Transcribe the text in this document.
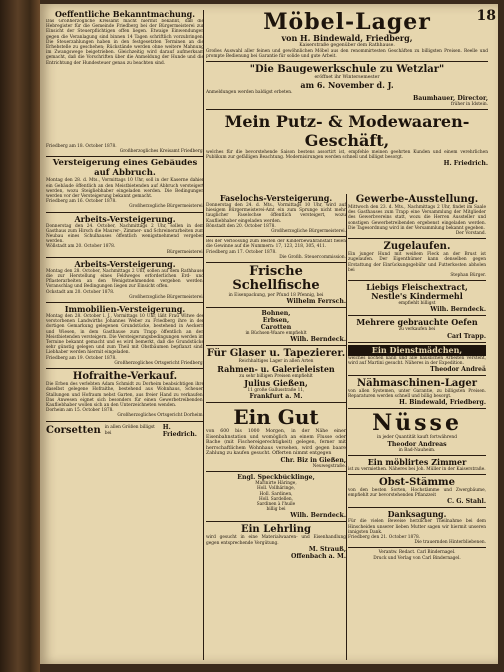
18
Oeffentliche Bekanntmachung.

Das Großherzogliche Kreisamt macht hiermit bekannt, daß die Hebregister für die Gemeinde Friedberg bei der Bürgermeisterei zur Einsicht der Steuerpflichtigen offen liegen. Etwaige Einwendungen gegen die Veranlagung sind binnen 14 Tagen schriftlich vorzubringen. Die Steuerzahlungen haben in den festgesetzten Terminen an die Erhebstelle zu geschehen; Rückstände werden ohne weitere Mahnung im Zwangswege beigetrieben. Gleichzeitig wird darauf aufmerksam gemacht, daß die Vorschriften über die Anmeldung der Hunde und die Entrichtung der Hundesteuer genau zu beachten sind.

Friedberg am 18. October 1878.

Großherzogliches Kreisamt Friedberg.

Versteigerung eines Gebäudes auf Abbruch.

Montag den 28. d. Mts., Vormittags 10 Uhr, soll in der Kaserne dahier ein Gebäude öffentlich an den Meistbietenden auf Abbruch versteigert werden, wozu Steigliebhaber eingeladen werden. Die Bedingungen werden vor der Versteigerung bekannt gemacht.

Friedberg am 16. October 1878.

Großherzogliche Bürgermeisterei.

Arbeits-Versteigerung.

Donnerstag den 24. October, Nachmittags 2 Uhr, sollen in dem Gasthaus zum Hirsch die Maurer-, Zimmer- und Schreinerarbeiten zum Neubau eines Schulhauses öffentlich wenigstnehmend vergeben werden.

Wöllstadt am 20. October 1878.

Bürgermeisterei.

Arbeits-Versteigerung.

Montag den 28. October, Nachmittags 2 Uhr, sollen auf dem Rathhause die zur Herstellung eines Feldweges erforderlichen Erd- und Pflasterarbeiten an den Wenigstnehmenden vergeben werden. Voranschlag und Bedingungen liegen zur Einsicht offen.

Ockstadt am 20. October 1878.

Großherzogliche Bürgermeisterei.

Immobilien-Versteigerung.

Montag den 28. October l. J., Vormittags 10 Uhr, läßt Frau Witwe des verstorbenen Landwirths Johannes Weber zu Friedberg ihre in der dortigen Gemarkung gelegenen Grundstücke, bestehend in Aeckern und Wiesen, in dem Gasthause zum Trapp öffentlich an den Meistbietenden versteigern. Die Versteigerungsbedingungen werden im Termine bekannt gemacht und es wird bemerkt, daß die Grundstücke sehr günstig gelegen und zum Theil mit Obstbäumen bepflanzt sind. Liebhaber werden hiermit eingeladen.

Friedberg am 19. October 1878.

Großherzogliches Ortsgericht Friedberg.

Hofraithe-Verkauf.

Die Erben des verlebten Adam Schmidt zu Dorheim beabsichtigen ihre daselbst gelegene Hofraithe, bestehend aus Wohnhaus, Scheuer, Stallungen und Hofraum nebst Garten, aus freier Hand zu verkaufen. Das Anwesen eignet sich besonders für einen Gewerbetreibenden. Kaufliebhaber wollen sich an den Unterzeichneten wenden.

Dorheim am 15. October 1878.

Großherzogliches Ortsgericht Dorheim.

Corsetten in allen Größen billigst bei
H. Friedrich.
Möbel-Lager
von H. Bindewald, Friedberg,
Kaiserstraße gegenüber dem Rathhause.

Großes Auswahl aller feinen und gewöhnlichen Möbel aus den renommirtesten Geschäften zu billigsten Preisen. Reelle und prompte Bedienung bei Garantie für solide und gute Arbeit.

"Die Baugewerkschule zu Wetzlar"
eröffnet ihr Wintersemester
am 6. November d. J.
Anmeldungen werden baldigst erbeten.
Baumhauer, Director,
früher in Idstein.
Mein Putz- & Modewaaren-Geschäft,

welches für die bevorstehende Saison bestens assortirt ist, empfehle meinen geehrten Kunden und einem verehrlichen Publikum zur gefälligen Beachtung. Modernisirungen werden schnell und billigst besorgt.

H. Friedrich.
Faselochs-Versteigerung.

Donnerstag den 24. d. Mts., Vormittags 10 Uhr, wird auf hiesigem Bürgermeisterei-Amt ein zum Sprunge nicht mehr tauglicher Faselochse öffentlich versteigert, wozu Kaufliebhaber eingeladen werden.

Bönstadt den 20. October 1878.

Großherzogliche Bürgermeisterei.

Bei der Verloosung zum Besten der Kinderbewahranstalt fielen die Gewinne auf die Nummern: 17, 123, 218, 305, 411.

Friedberg am 17. October 1878.

Die Großh. Steuercommission.

Frische Schellfische

in Eisenpackung, per Pfund 18 Pfennig, bei

Wilhelm Ferrsch.

Bohnen,
Erbsen,
Carotten

in Büchsen-Waare empfiehlt

Wilh. Berndeck.

Für Glaser u. Tapezierer.

Reichhaltiges Lager in allen Arten

Rahmen- u. Galerieleisten

zu sehr billigen Preisen empfiehlt

Julius Gießen,

11 große Gallusstraße 11,

Frankfurt a. M.
Ein Gut

von 600 bis 1000 Morgen, in der Nähe einer Eisenbahnstation und womöglich an einem Flusse oder Bache (mit Fischereigerechtigkeit) gelegen, ferner mit herrschaftlichem Wohnhaus versehen, wird gegen baare Zahlung zu kaufen gesucht. Offerten nimmt entgegen

Chr. Biz in Gießen,

Neuwegstraße.

Engl. Speckbücklinge,
Marinirte Häringe,
Holl. Vollhäringe,
Holl. Sardinen,
Holl. Sardellen,
Sardinen à l'huile

billig bei

Wilh. Berndeck.

Ein Lehrling

wird gesucht in eine Materialwaaren- und Eisenhandlung gegen entsprechende Vergütung.

M. Strauß,

Offenbach a. M.

Gewerbe-Ausstellung.

Mittwoch den 23. d. Mts., Nachmittags 2 Uhr, findet im Saale des Gasthauses zum Trapp eine Versammlung der Mitglieder des Gewerbvereins statt, wozu die Herren Aussteller und sonstigen Gewerbetreibenden ergebenst eingeladen werden. Die Tagesordnung wird in der Versammlung bekannt gegeben.

Der Vorstand.

Zugelaufen.

Ein junger Hund mit weißem Fleck an der Brust ist zugelaufen. Der Eigenthümer kann denselben gegen Erstattung der Einrückungsgebühr und Futterkosten abholen bei

Stephan Bürger.

Liebigs Fleischextract,
Nestle's Kindermehl

empfiehlt billigst

Wilh. Berndeck.

Mehrere gebrauchte Oefen

zu verkaufen bei

Carl Trapp.

Ein Dienstmädchen,

welches kochen kann und alle häuslichen Arbeiten versteht, wird auf Martini gesucht. Näheres in der Expedition.

Theodor Andreä

Nähmaschinen-Lager

von allen Systemen, unter Garantie, zu billigsten Preisen. Reparaturen werden schnell und billig besorgt.

H. Bindewald, Friedberg.

Nüsse

in jeder Quantität kauft fortwährend

Theodor Andreas

in Bad-Nauheim.

Ein möblirtes Zimmer

ist zu vermiethen. Näheres bei Joh. Müller in der Kaiserstraße.

Obst-Stämme

von den besten Sorten, Hochstämme und Zwergbäume, empfiehlt zur bevorstehenden Pflanzzeit

C. G. Stahl.

Danksagung.

Für die vielen Beweise herzlicher Theilnahme bei dem Hinscheiden unserer lieben Mutter sagen wir hiermit unseren innigsten Dank.

Friedberg den 21. October 1878.

Die trauernden Hinterbliebenen.

Verantw. Redact. Carl Bindernagel.

Druck und Verlag von Carl Bindernagel.
